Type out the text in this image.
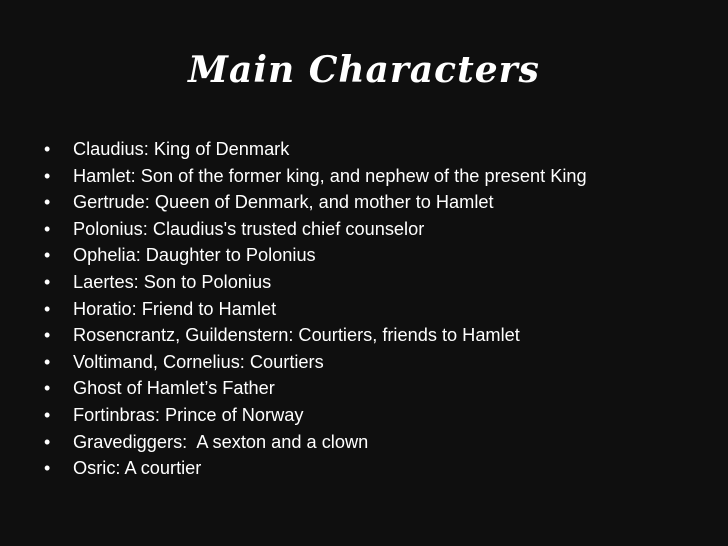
Main Characters
• Claudius: King of Denmark
• Hamlet: Son of the former king, and nephew of the present King
• Gertrude: Queen of Denmark, and mother to Hamlet
• Polonius: Claudius's trusted chief counselor
• Ophelia: Daughter to Polonius
• Laertes: Son to Polonius
• Horatio: Friend to Hamlet
• Rosencrantz, Guildenstern: Courtiers, friends to Hamlet
• Voltimand, Cornelius: Courtiers
• Ghost of Hamlet’s Father
• Fortinbras: Prince of Norway
• Gravediggers:  A sexton and a clown
• Osric: A courtier
